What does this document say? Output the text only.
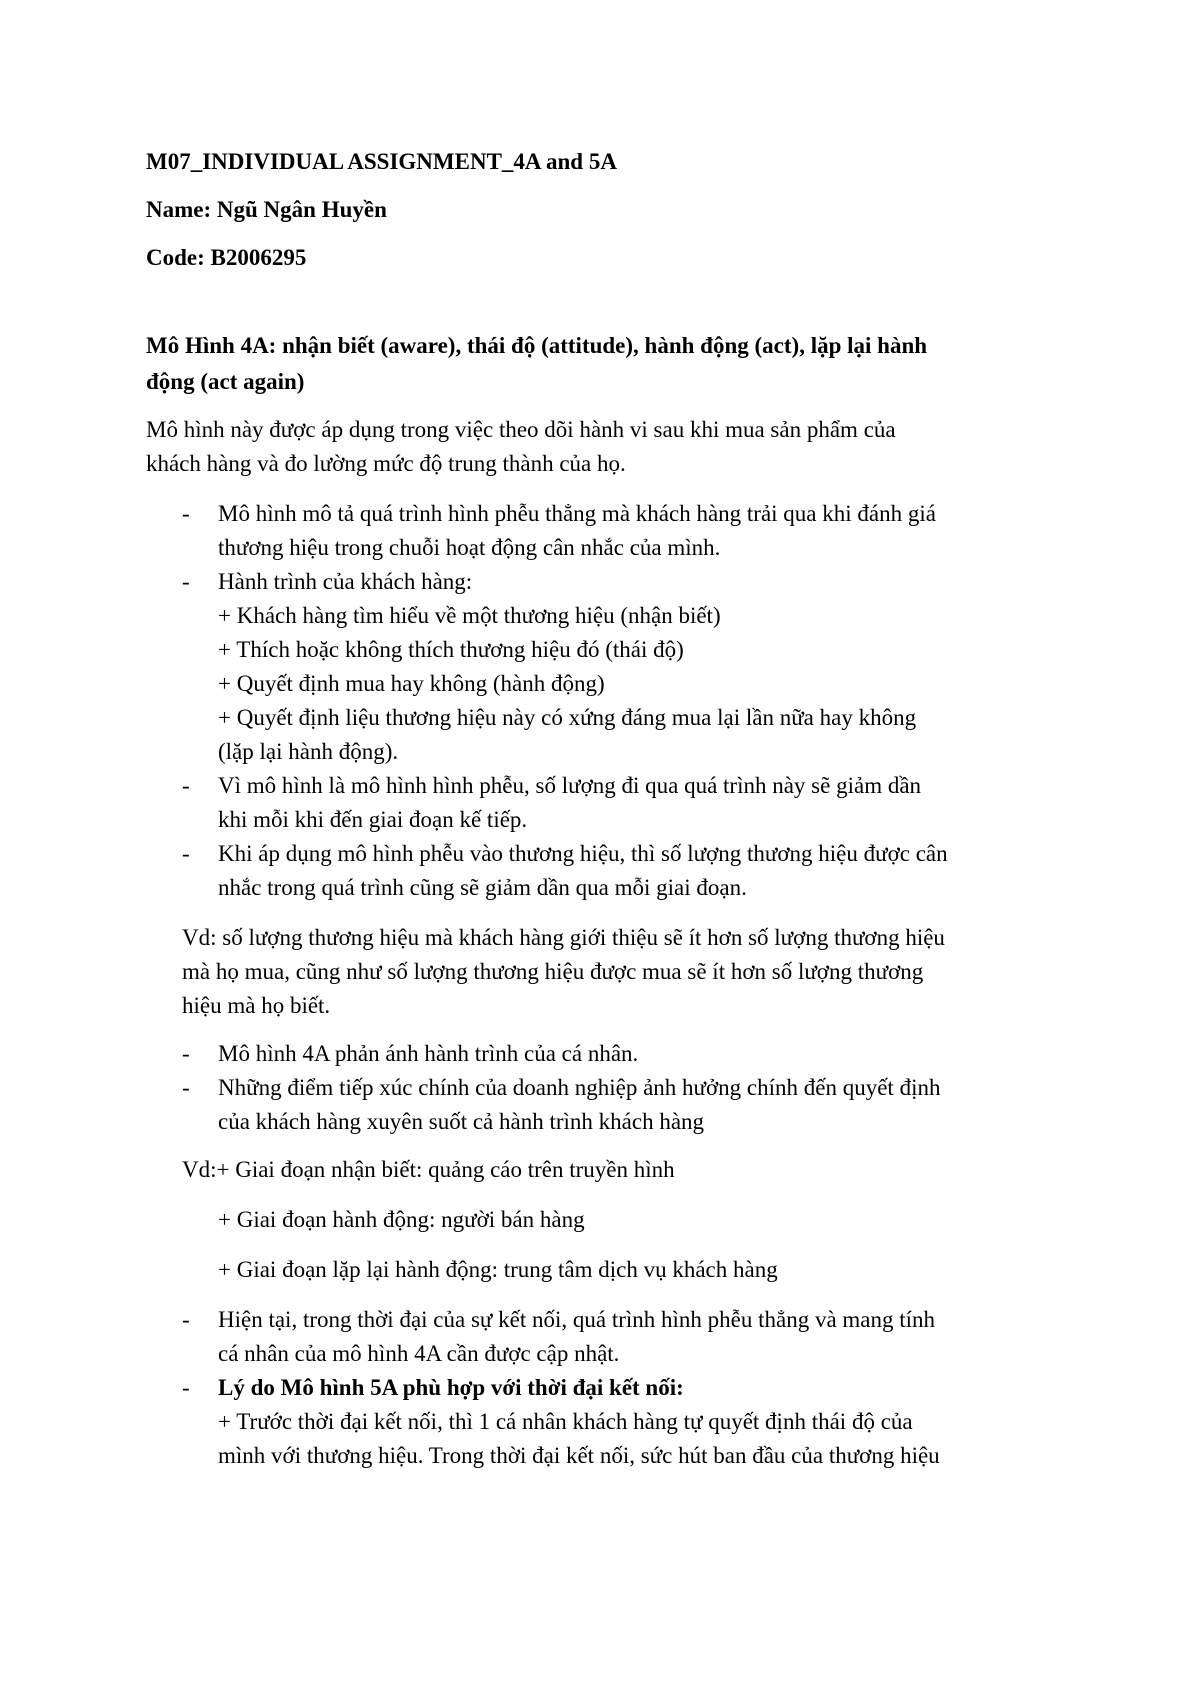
M07_INDIVIDUAL ASSIGNMENT_4A and 5A
Name: Ngũ Ngân Huyền
Code: B2006295
Mô Hình 4A: nhận biết (aware), thái độ (attitude), hành động (act), lặp lại hành
động (act again)
Mô hình này được áp dụng trong việc theo dõi hành vi sau khi mua sản phẩm của
khách hàng và đo lường mức độ trung thành của họ.
- Mô hình mô tả quá trình hình phễu thẳng mà khách hàng trải qua khi đánh giá
thương hiệu trong chuỗi hoạt động cân nhắc của mình.
- Hành trình của khách hàng:
+ Khách hàng tìm hiểu về một thương hiệu (nhận biết)
+ Thích hoặc không thích thương hiệu đó (thái độ)
+ Quyết định mua hay không (hành động)
+ Quyết định liệu thương hiệu này có xứng đáng mua lại lần nữa hay không
(lặp lại hành động).
- Vì mô hình là mô hình hình phễu, số lượng đi qua quá trình này sẽ giảm dần
khi mỗi khi đến giai đoạn kế tiếp.
- Khi áp dụng mô hình phễu vào thương hiệu, thì số lượng thương hiệu được cân
nhắc trong quá trình cũng sẽ giảm dần qua mỗi giai đoạn.
Vd: số lượng thương hiệu mà khách hàng giới thiệu sẽ ít hơn số lượng thương hiệu
mà họ mua, cũng như số lượng thương hiệu được mua sẽ ít hơn số lượng thương
hiệu mà họ biết.
- Mô hình 4A phản ánh hành trình của cá nhân.
- Những điểm tiếp xúc chính của doanh nghiệp ảnh hưởng chính đến quyết định
của khách hàng xuyên suốt cả hành trình khách hàng
Vd:+ Giai đoạn nhận biết: quảng cáo trên truyền hình
+ Giai đoạn hành động: người bán hàng
+ Giai đoạn lặp lại hành động: trung tâm dịch vụ khách hàng
- Hiện tại, trong thời đại của sự kết nối, quá trình hình phễu thẳng và mang tính
cá nhân của mô hình 4A cần được cập nhật.
- Lý do Mô hình 5A phù hợp với thời đại kết nối:
+ Trước thời đại kết nối, thì 1 cá nhân khách hàng tự quyết định thái độ của
mình với thương hiệu. Trong thời đại kết nối, sức hút ban đầu của thương hiệu
